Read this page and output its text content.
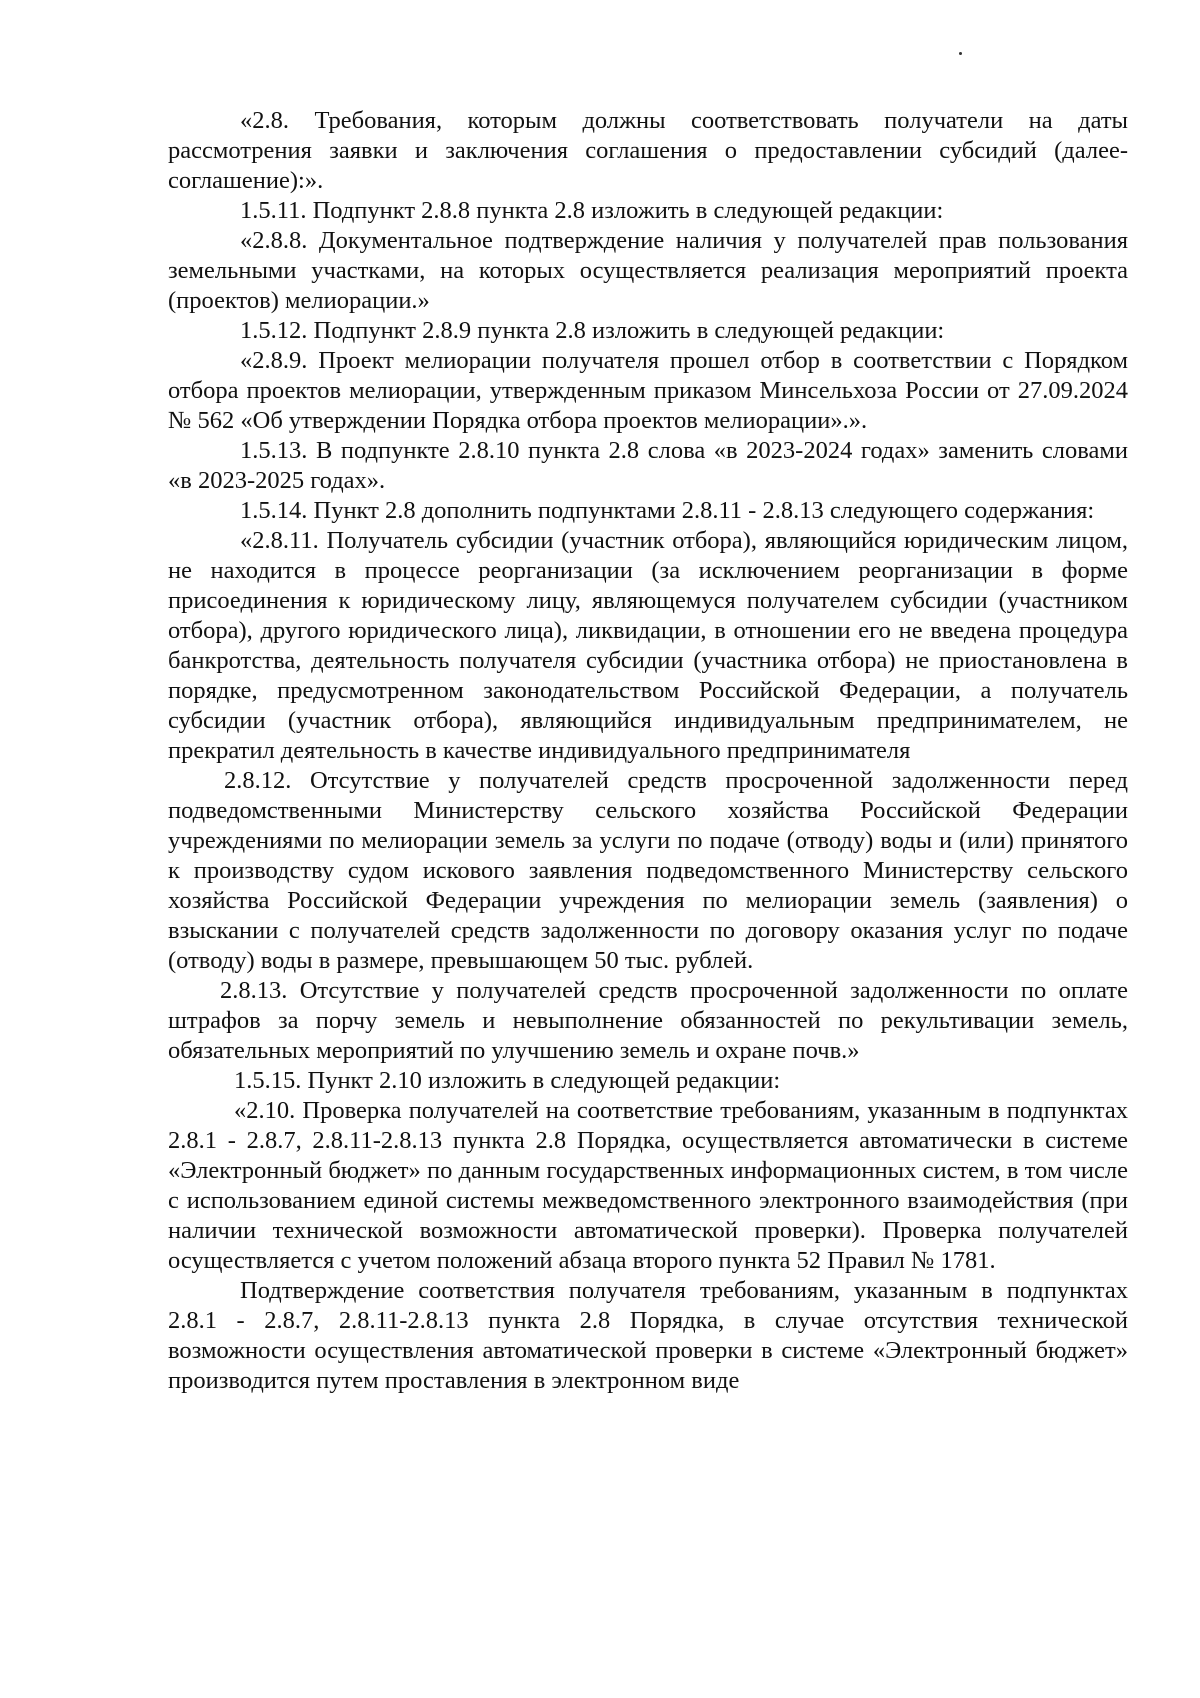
«2.8. Требования, которым должны соответствовать получатели на даты рассмотрения заявки и заключения соглашения о предоставлении субсидий (далее-соглашение):».

1.5.11. Подпункт 2.8.8 пункта 2.8 изложить в следующей редакции:

«2.8.8. Документальное подтверждение наличия у получателей прав пользования земельными участками, на которых осуществляется реализация мероприятий проекта (проектов) мелиорации.»

1.5.12. Подпункт 2.8.9 пункта 2.8 изложить в следующей редакции:

«2.8.9. Проект мелиорации получателя прошел отбор в соответствии с Порядком отбора проектов мелиорации, утвержденным приказом Минсельхоза России от 27.09.2024 № 562 «Об утверждении Порядка отбора проектов мелиорации».».

1.5.13. В подпункте 2.8.10 пункта 2.8 слова «в 2023-2024 годах» заменить словами «в 2023-2025 годах».

1.5.14. Пункт 2.8 дополнить подпунктами 2.8.11 - 2.8.13 следующего содержания:

«2.8.11. Получатель субсидии (участник отбора), являющийся юридическим лицом, не находится в процессе реорганизации (за исключением реорганизации в форме присоединения к юридическому лицу, являющемуся получателем субсидии (участником отбора), другого юридического лица), ликвидации, в отношении его не введена процедура банкротства, деятельность получателя субсидии (участника отбора) не приостановлена в порядке, предусмотренном законодательством Российской Федерации, а получатель субсидии (участник отбора), являющийся индивидуальным предпринимателем, не прекратил деятельность в качестве индивидуального предпринимателя

2.8.12. Отсутствие у получателей средств просроченной задолженности перед подведомственными Министерству сельского хозяйства Российской Федерации учреждениями по мелиорации земель за услуги по подаче (отводу) воды и (или) принятого к производству судом искового заявления подведомственного Министерству сельского хозяйства Российской Федерации учреждения по мелиорации земель (заявления) о взыскании с получателей средств задолженности по договору оказания услуг по подаче (отводу) воды в размере, превышающем 50 тыс. рублей.

2.8.13. Отсутствие у получателей средств просроченной задолженности по оплате штрафов за порчу земель и невыполнение обязанностей по рекультивации земель, обязательных мероприятий по улучшению земель и охране почв.»

1.5.15. Пункт 2.10 изложить в следующей редакции:

«2.10. Проверка получателей на соответствие требованиям, указанным в подпунктах 2.8.1 - 2.8.7, 2.8.11-2.8.13 пункта 2.8 Порядка, осуществляется автоматически в системе «Электронный бюджет» по данным государственных информационных систем, в том числе с использованием единой системы межведомственного электронного взаимодействия (при наличии технической возможности автоматической проверки). Проверка получателей осуществляется с учетом положений абзаца второго пункта 52 Правил № 1781.

Подтверждение соответствия получателя требованиям, указанным в подпунктах 2.8.1 - 2.8.7, 2.8.11-2.8.13 пункта 2.8 Порядка, в случае отсутствия технической возможности осуществления автоматической проверки в системе «Электронный бюджет» производится путем проставления в электронном виде
